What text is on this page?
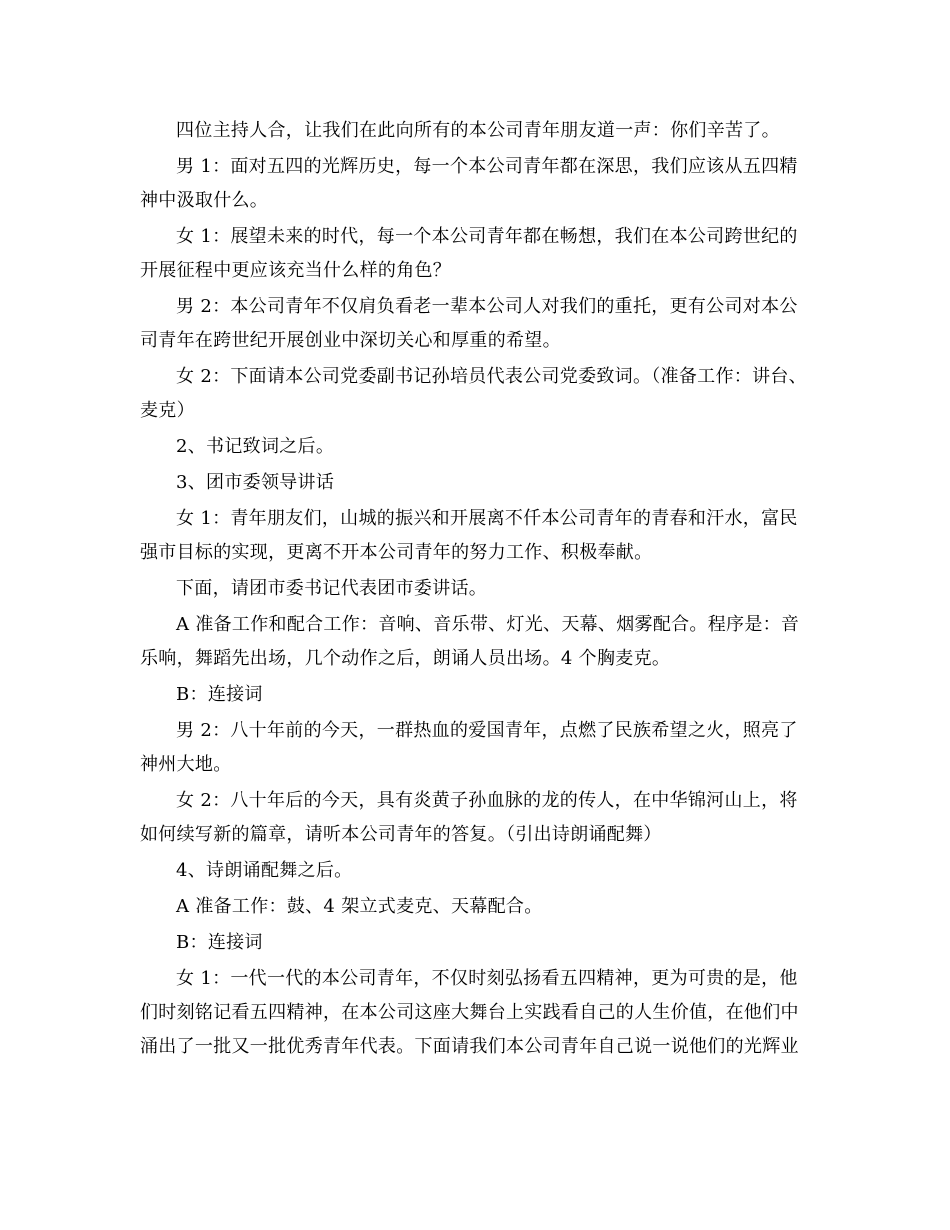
四位主持人合，让我们在此向所有的本公司青年朋友道一声：你们辛苦了。

男 1：面对五四的光辉历史，每一个本公司青年都在深思，我们应该从五四精神中汲取什么。

女 1：展望未来的时代，每一个本公司青年都在畅想，我们在本公司跨世纪的开展征程中更应该充当什么样的角色？

男 2：本公司青年不仅肩负看老一辈本公司人对我们的重托，更有公司对本公司青年在跨世纪开展创业中深切关心和厚重的希望。

女 2：下面请本公司党委副书记孙培员代表公司党委致词。（准备工作：讲台、麦克）

2、书记致词之后。

3、团市委领导讲话

女 1：青年朋友们，山城的振兴和开展离不仟本公司青年的青春和汗水，富民强市目标的实现，更离不开本公司青年的努力工作、积极奉献。

下面，请团市委书记代表团市委讲话。

A 准备工作和配合工作：音响、音乐带、灯光、天幕、烟雾配合。程序是：音乐响，舞蹈先出场，几个动作之后，朗诵人员出场。4 个胸麦克。

B：连接词

男 2：八十年前的今天，一群热血的爱国青年，点燃了民族希望之火，照亮了神州大地。

女 2：八十年后的今天，具有炎黄子孙血脉的龙的传人，在中华锦河山上，将如何续写新的篇章，请听本公司青年的答复。（引出诗朗诵配舞）

4、诗朗诵配舞之后。

A 准备工作：鼓、4 架立式麦克、天幕配合。

B：连接词

女 1：一代一代的本公司青年，不仅时刻弘扬看五四精神，更为可贵的是，他们时刻铭记看五四精神，在本公司这座大舞台上实践看自己的人生价值，在他们中涌出了一批又一批优秀青年代表。下面请我们本公司青年自己说一说他们的光辉业
